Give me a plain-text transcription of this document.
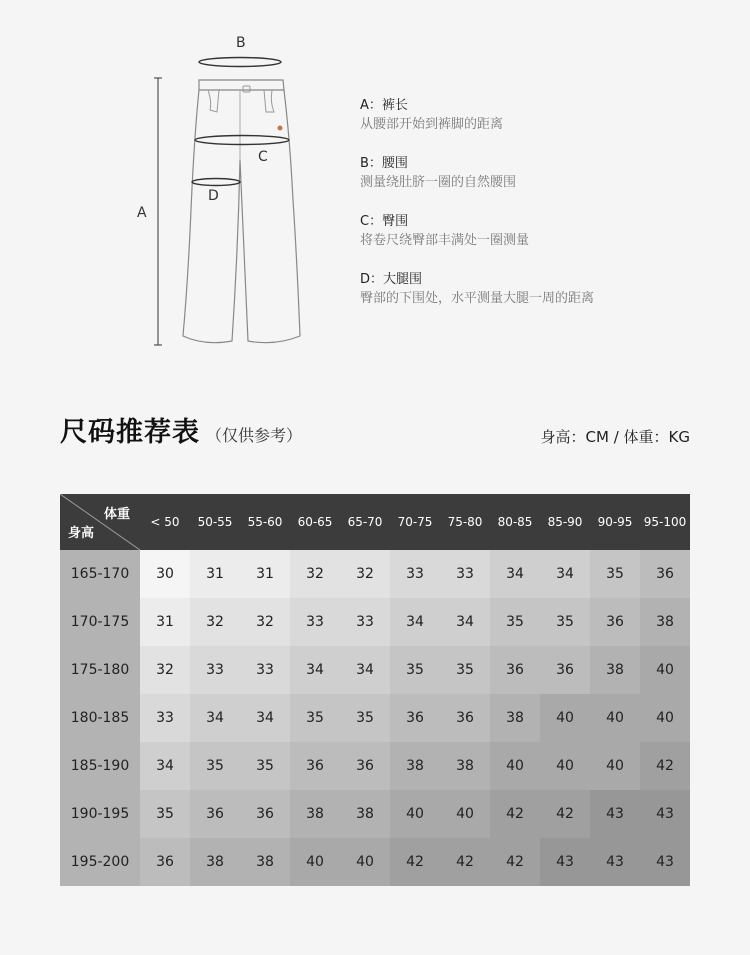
A
B
C
D
A：裤长
从腰部开始到裤脚的距离
B：腰围
测量绕肚脐一圈的自然腰围
C：臀围
将卷尺绕臀部丰满处一圈测量
D：大腿围
臀部的下围处，水平测量大腿一周的距离
尺码推荐表 （仅供参考）	身高：CM / 体重：KG
体重
身高
< 50	50-55	55-60	60-65	65-70	70-75	75-80	80-85	85-90	90-95 95-100
165-170	30	31	31	32	32	33	33	34	34	35	36
170-175	31	32	32	33	33	34	34	35	35	36	38
175-180	32	33	33	34	34	35	35	36	36	38	40
180-185	33	34	34	35	35	36	36	38	40	40	40
185-190	34	35	35	36	36	38	38	40	40	40	42
190-195	35	36	36	38	38	40	40	42	42	43	43
195-200	36	38	38	40	40	42	42	42	43	43	43
